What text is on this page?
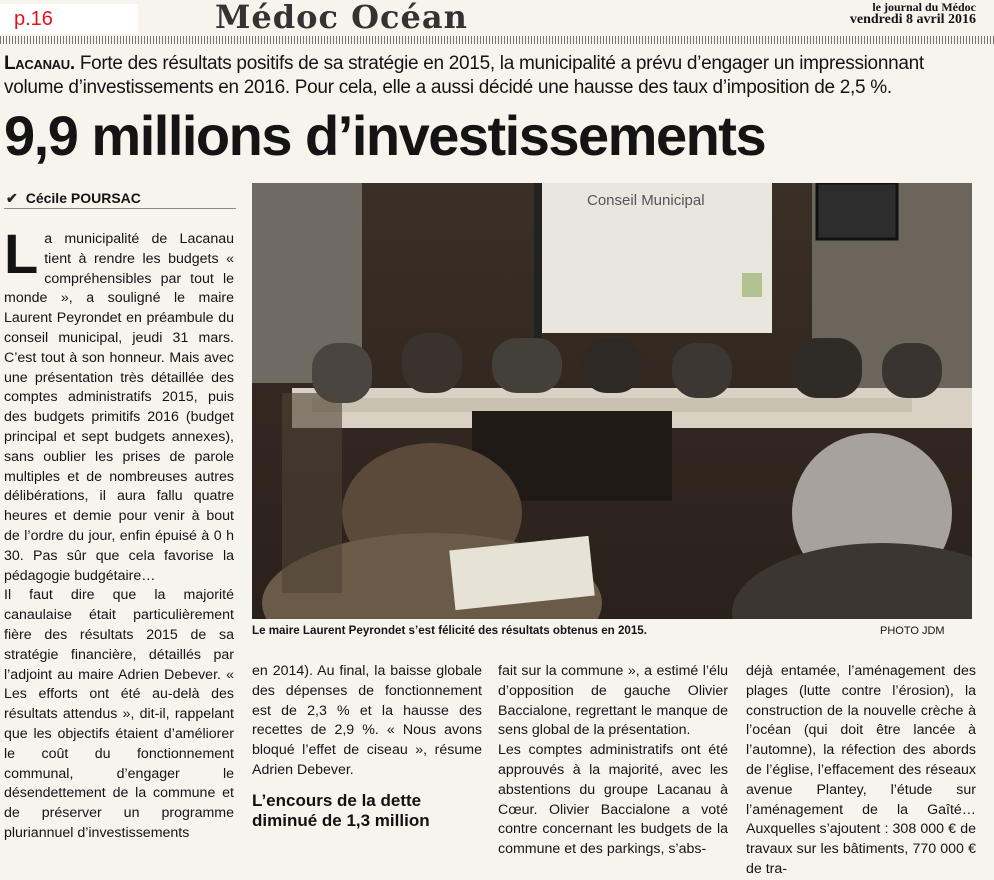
p.16	Médoc Océan	le journal du Médoc
vendredi 8 avril 2016
Lacanau. Forte des résultats positifs de sa stratégie en 2015, la municipalité a prévu d’engager un impressionnant volume d’investissements en 2016. Pour cela, elle a aussi décidé une hausse des taux d’imposition de 2,5 %.
9,9 millions d’investissements
✔ Cécile POURSAC
L a municipalité de Lacanau tient à rendre les budgets « compréhensibles par tout le monde », a souligné le maire Laurent Peyrondet en préambule du conseil municipal, jeudi 31 mars. C’est tout à son honneur. Mais avec une présentation très détaillée des comptes administratifs 2015, puis des budgets primitifs 2016 (budget principal et sept budgets annexes), sans oublier les prises de parole multiples et de nombreuses autres délibérations, il aura fallu quatre heures et demie pour venir à bout de l’ordre du jour, enfin épuisé à 0 h 30. Pas sûr que cela favorise la pédagogie budgétaire…

Il faut dire que la majorité canaulaise était particulièrement fière des résultats 2015 de sa stratégie financière, détaillés par l’adjoint au maire Adrien Debever. « Les efforts ont été au-delà des résultats attendus », dit-il, rappelant que les objectifs étaient d’améliorer le coût du fonctionnement communal, d’engager le désendettement de la commune et de préserver un programme pluriannuel d’investissements

Conseil Municipal
Le maire Laurent Peyrondet s’est félicité des résultats obtenus en 2015.	PHOTO JDM

en 2014). Au final, la baisse globale des dépenses de fonctionnement est de 2,3 % et la hausse des recettes de 2,9 %. « Nous avons bloqué l’effet de ciseau », résume Adrien Debever.

L’encours de la dette diminué de 1,3 million

fait sur la commune », a estimé l’élu d’opposition de gauche Olivier Baccialone, regrettant le manque de sens global de la présentation.

Les comptes administratifs ont été approuvés à la majorité, avec les abstentions du groupe Lacanau à Cœur. Olivier Baccialone a voté contre concernant les budgets de la commune et des parkings, s’abs-

déjà entamée, l’aménagement des plages (lutte contre l’érosion), la construction de la nouvelle crèche à l’océan (qui doit être lancée à l’automne), la réfection des abords de l’église, l’effacement des réseaux avenue Plantey, l’étude sur l’aménagement de la Gaîté… Auxquelles s’ajoutent : 308 000 € de travaux sur les bâtiments, 770 000 € de tra-
